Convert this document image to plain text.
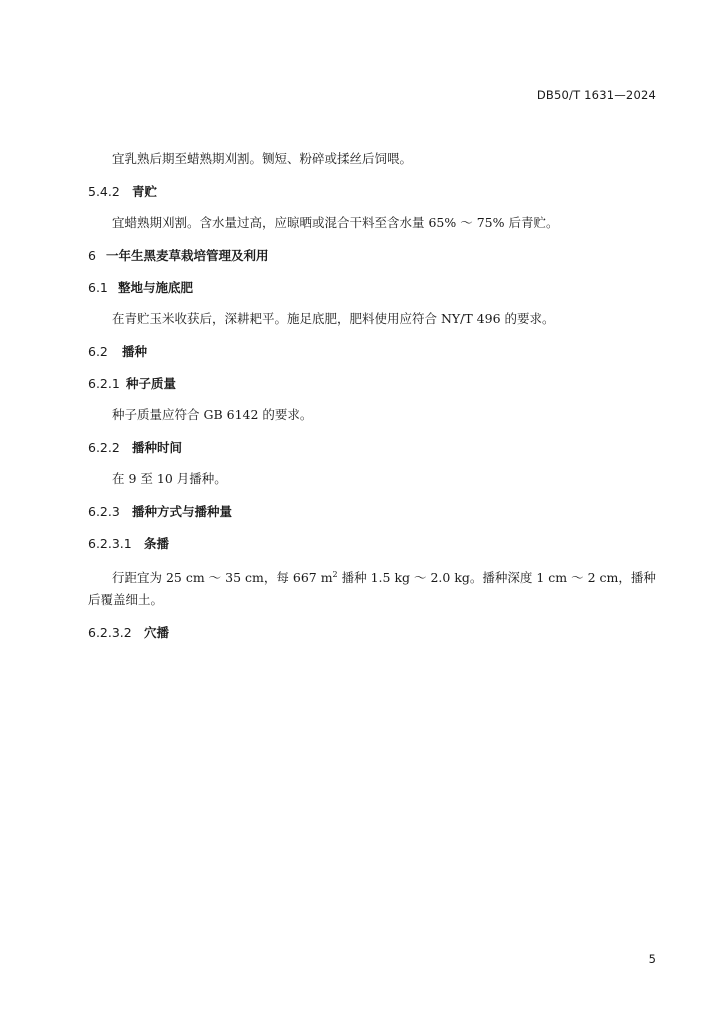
DB50/T 1631—2024

宜乳熟后期至蜡熟期刈割。铡短、粉碎或揉丝后饲喂。

5.4.2 青贮

宜蜡熟期刈割。含水量过高，应晾晒或混合干料至含水量 65% ～ 75% 后青贮。

6 一年生黑麦草栽培管理及利用
6.1 整地与施底肥

在青贮玉米收获后，深耕耙平。施足底肥，肥料使用应符合 NY/T 496 的要求。

6.2 播种
6.2.1 种子质量

种子质量应符合 GB 6142 的要求。

6.2.2 播种时间

在 9 至 10 月播种。

6.2.3 播种方式与播种量
6.2.3.1 条播

行距宜为 25 cm ～ 35 cm，每 667 $m^2$ 播种 1.5 kg ～ 2.0 kg。播种深度 1 cm ～ 2 cm，播种后覆盖细土。

6.2.3.2 穴播
5
